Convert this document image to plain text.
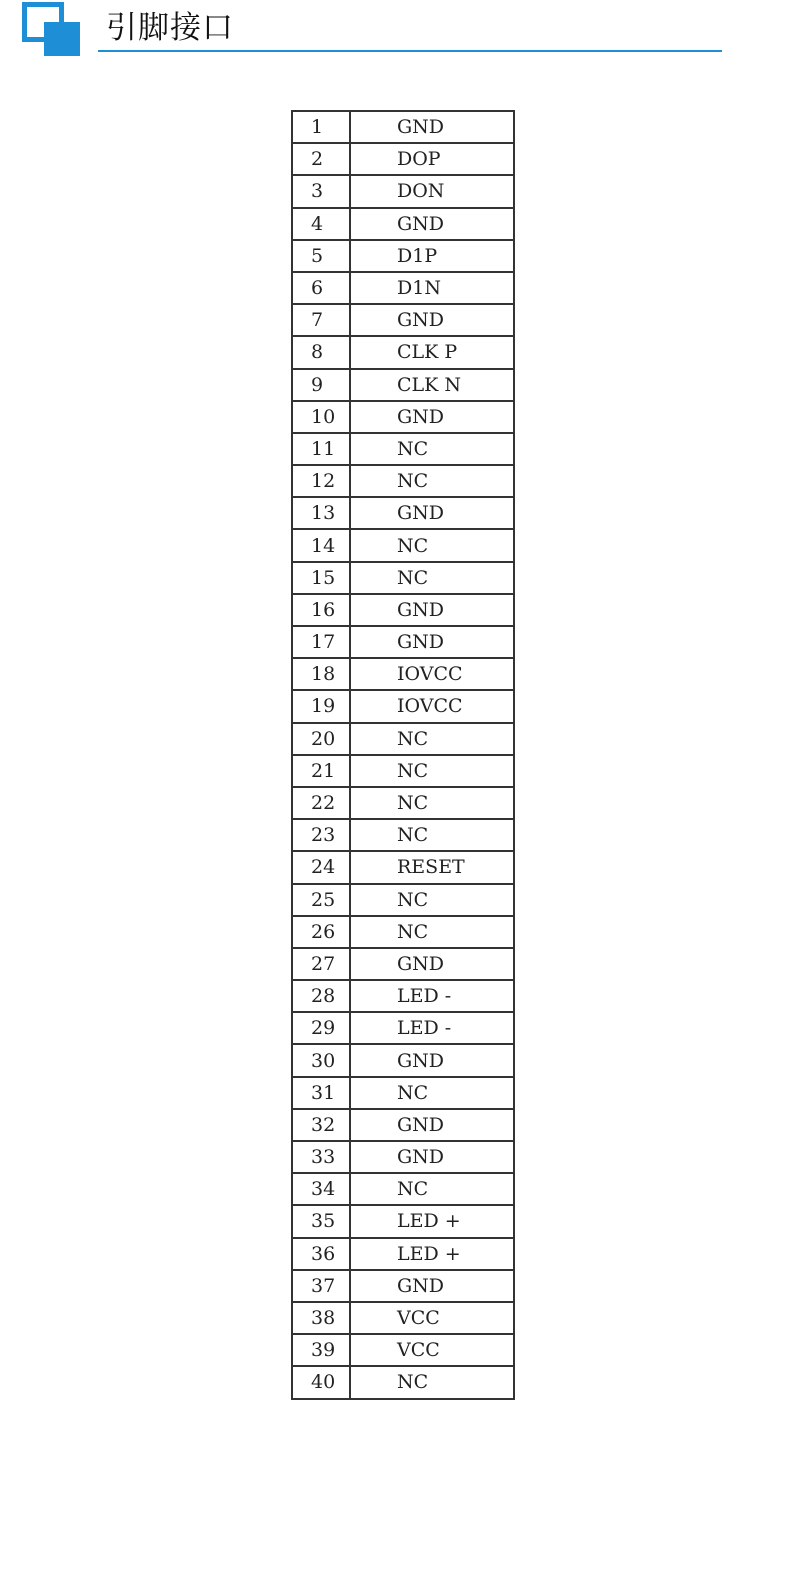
引脚接口
1	GND
2	DOP
3	DON
4	GND
5	D1P
6	D1N
7	GND
8	CLK P
9	CLK N
10	GND
11	NC
12	NC
13	GND
14	NC
15	NC
16	GND
17	GND
18	IOVCC
19	IOVCC
20	NC
21	NC
22	NC
23	NC
24	RESET
25	NC
26	NC
27	GND
28	LED -
29	LED -
30	GND
31	NC
32	GND
33	GND
34	NC
35	LED +
36	LED +
37	GND
38	VCC
39	VCC
40	NC
